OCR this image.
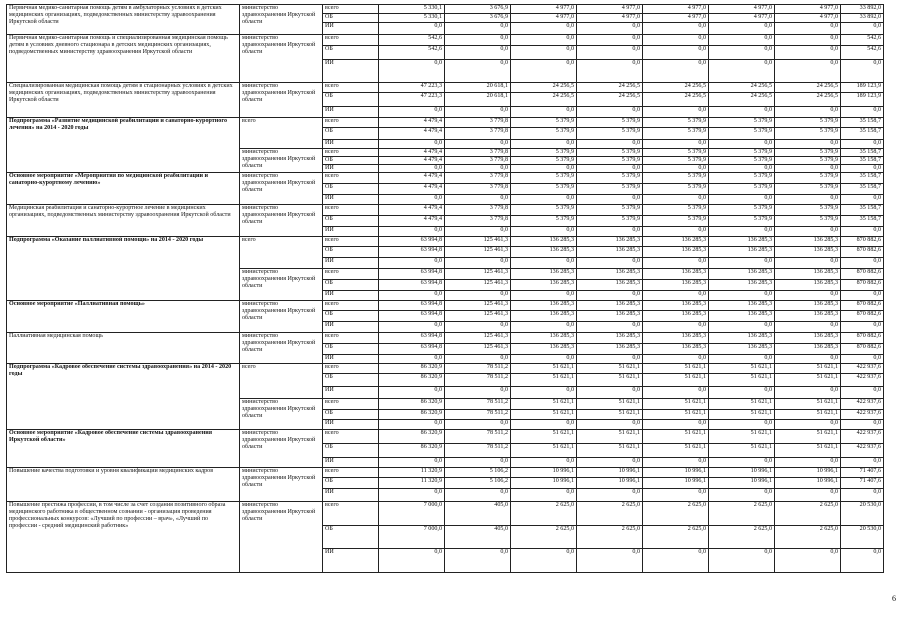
Первичная медико-санитарная помощь детям в амбулаторных условиях в детских медицинских организациях, подведомственных министерству здравоохранения Иркутской области	министерство здравоохранения Иркутской области	всего	5 330,1	3 676,9	4 977,0	4 977,0	4 977,0	4 977,0	4 977,0	33 892,0
		ОБ	5 330,1	3 676,9	4 977,0	4 977,0	4 977,0	4 977,0	4 977,0	33 892,0
		ИИ	0,0	0,0	0,0	0,0	0,0	0,0	0,0	0,0
Первичная медико-санитарная помощь и специализированная медицинская помощь детям в условиях дневного стационара в детских медицинских организациях, подведомственных министерству здравоохранения Иркутской области	министерство здравоохранения Иркутской области	всего	542,6	0,0	0,0	0,0	0,0	0,0	0,0	542,6
		ОБ	542,6	0,0	0,0	0,0	0,0	0,0	0,0	542,6
		ИИ	0,0	0,0	0,0	0,0	0,0	0,0	0,0	0,0
Специализированная медицинская помощь детям в стационарных условиях в детских медицинских организациях, подведомственных министерству здравоохранения Иркутской области	министерство здравоохранения Иркутской области	всего	47 223,3	20 618,1	24 256,5	24 256,5	24 256,5	24 256,5	24 256,5	189 123,9
		ОБ	47 223,3	20 618,1	24 256,5	24 256,5	24 256,5	24 256,5	24 256,5	189 123,9
		ИИ	0,0	0,0	0,0	0,0	0,0	0,0	0,0	0,0
Подпрограмма «Развитие медицинской реабилитации и санаторно-курортного лечения» на 2014 - 2020 годы	всего	всего	4 479,4	3 779,8	5 379,9	5 379,9	5 379,9	5 379,9	5 379,9	35 158,7
		ОБ	4 479,4	3 779,8	5 379,9	5 379,9	5 379,9	5 379,9	5 379,9	35 158,7
		ИИ	0,0	0,0	0,0	0,0	0,0	0,0	0,0	0,0
	министерство здравоохранения Иркутской области	всего	4 479,4	3 779,8	5 379,9	5 379,9	5 379,9	5 379,9	5 379,9	35 158,7
		ОБ	4 479,4	3 779,8	5 379,9	5 379,9	5 379,9	5 379,9	5 379,9	35 158,7
		ИИ	0,0	0,0	0,0	0,0	0,0	0,0	0,0	0,0
Основное мероприятие «Мероприятия по медицинской реабилитации и санаторно-курортному лечению»	министерство здравоохранения Иркутской области	всего	4 479,4	3 779,8	5 379,9	5 379,9	5 379,9	5 379,9	5 379,9	35 158,7
		ОБ	4 479,4	3 779,8	5 379,9	5 379,9	5 379,9	5 379,9	5 379,9	35 158,7
		ИИ	0,0	0,0	0,0	0,0	0,0	0,0	0,0	0,0
Медицинская реабилитация и санаторно-курортное лечение в медицинских организациях, подведомственных министерству здравоохранения Иркутской области	министерство здравоохранения Иркутской области	всего	4 479,4	3 779,8	5 379,9	5 379,9	5 379,9	5 379,9	5 379,9	35 158,7
		ОБ	4 479,4	3 779,8	5 379,9	5 379,9	5 379,9	5 379,9	5 379,9	35 158,7
		ИИ	0,0	0,0	0,0	0,0	0,0	0,0	0,0	0,0
Подпрограмма «Оказание паллиативной помощи» на 2014 - 2020 годы	всего	всего	63 994,8	125 461,3	136 285,3	136 285,3	136 285,3	136 285,3	136 285,3	870 882,6
		ОБ	63 994,8	125 461,3	136 285,3	136 285,3	136 285,3	136 285,3	136 285,3	870 882,6
		ИИ	0,0	0,0	0,0	0,0	0,0	0,0	0,0	0,0
	министерство здравоохранения Иркутской области	всего	63 994,8	125 461,3	136 285,3	136 285,3	136 285,3	136 285,3	136 285,3	870 882,6
		ОБ	63 994,8	125 461,3	136 285,3	136 285,3	136 285,3	136 285,3	136 285,3	870 882,6
		ИИ	0,0	0,0	0,0	0,0	0,0	0,0	0,0	0,0
Основное мероприятие «Паллиативная помощь»	министерство здравоохранения Иркутской области	всего	63 994,8	125 461,3	136 285,3	136 285,3	136 285,3	136 285,3	136 285,3	870 882,6
		ОБ	63 994,8	125 461,3	136 285,3	136 285,3	136 285,3	136 285,3	136 285,3	870 882,6
		ИИ	0,0	0,0	0,0	0,0	0,0	0,0	0,0	0,0
Паллиативная медицинская помощь	министерство здравоохранения Иркутской области	всего	63 994,8	125 461,3	136 285,3	136 285,3	136 285,3	136 285,3	136 285,3	870 882,6
		ОБ	63 994,8	125 461,3	136 285,3	136 285,3	136 285,3	136 285,3	136 285,3	870 882,6
		ИИ	0,0	0,0	0,0	0,0	0,0	0,0	0,0	0,0
Подпрограмма «Кадровое обеспечение системы здравоохранения» на 2014 - 2020 годы	всего	всего	86 320,9	78 511,2	51 621,1	51 621,1	51 621,1	51 621,1	51 621,1	422 937,6
		ОБ	86 320,9	78 511,2	51 621,1	51 621,1	51 621,1	51 621,1	51 621,1	422 937,6
		ИИ	0,0	0,0	0,0	0,0	0,0	0,0	0,0	0,0
	министерство здравоохранения Иркутской области	всего	86 320,9	78 511,2	51 621,1	51 621,1	51 621,1	51 621,1	51 621,1	422 937,6
		ОБ	86 320,9	78 511,2	51 621,1	51 621,1	51 621,1	51 621,1	51 621,1	422 937,6
		ИИ	0,0	0,0	0,0	0,0	0,0	0,0	0,0	0,0
Основное мероприятие «Кадровое обеспечение системы здравоохранения Иркутской области»	министерство здравоохранения Иркутской области	всего	86 320,9	78 511,2	51 621,1	51 621,1	51 621,1	51 621,1	51 621,1	422 937,6
		ОБ	86 320,9	78 511,2	51 621,1	51 621,1	51 621,1	51 621,1	51 621,1	422 937,6
		ИИ	0,0	0,0	0,0	0,0	0,0	0,0	0,0	0,0
Повышение качества подготовки и уровня квалификации медицинских кадров	министерство здравоохранения Иркутской области	всего	11 320,9	5 106,2	10 996,1	10 996,1	10 996,1	10 996,1	10 996,1	71 407,6
		ОБ	11 320,9	5 106,2	10 996,1	10 996,1	10 996,1	10 996,1	10 996,1	71 407,6
		ИИ	0,0	0,0	0,0	0,0	0,0	0,0	0,0	0,0
Повышение престижа профессии, в том числе за счет создания позитивного образа медицинского работника в общественном сознании - организация проведения профессиональных конкурсов: «Лучший по профессии – врач», «Лучший по профессии - средний медицинский работник»	министерство здравоохранения Иркутской области	всего	7 000,0	405,0	2 625,0	2 625,0	2 625,0	2 625,0	2 625,0	20 530,0
		ОБ	7 000,0	405,0	2 625,0	2 625,0	2 625,0	2 625,0	2 625,0	20 530,0
		ИИ	0,0	0,0	0,0	0,0	0,0	0,0	0,0	0,0
6
